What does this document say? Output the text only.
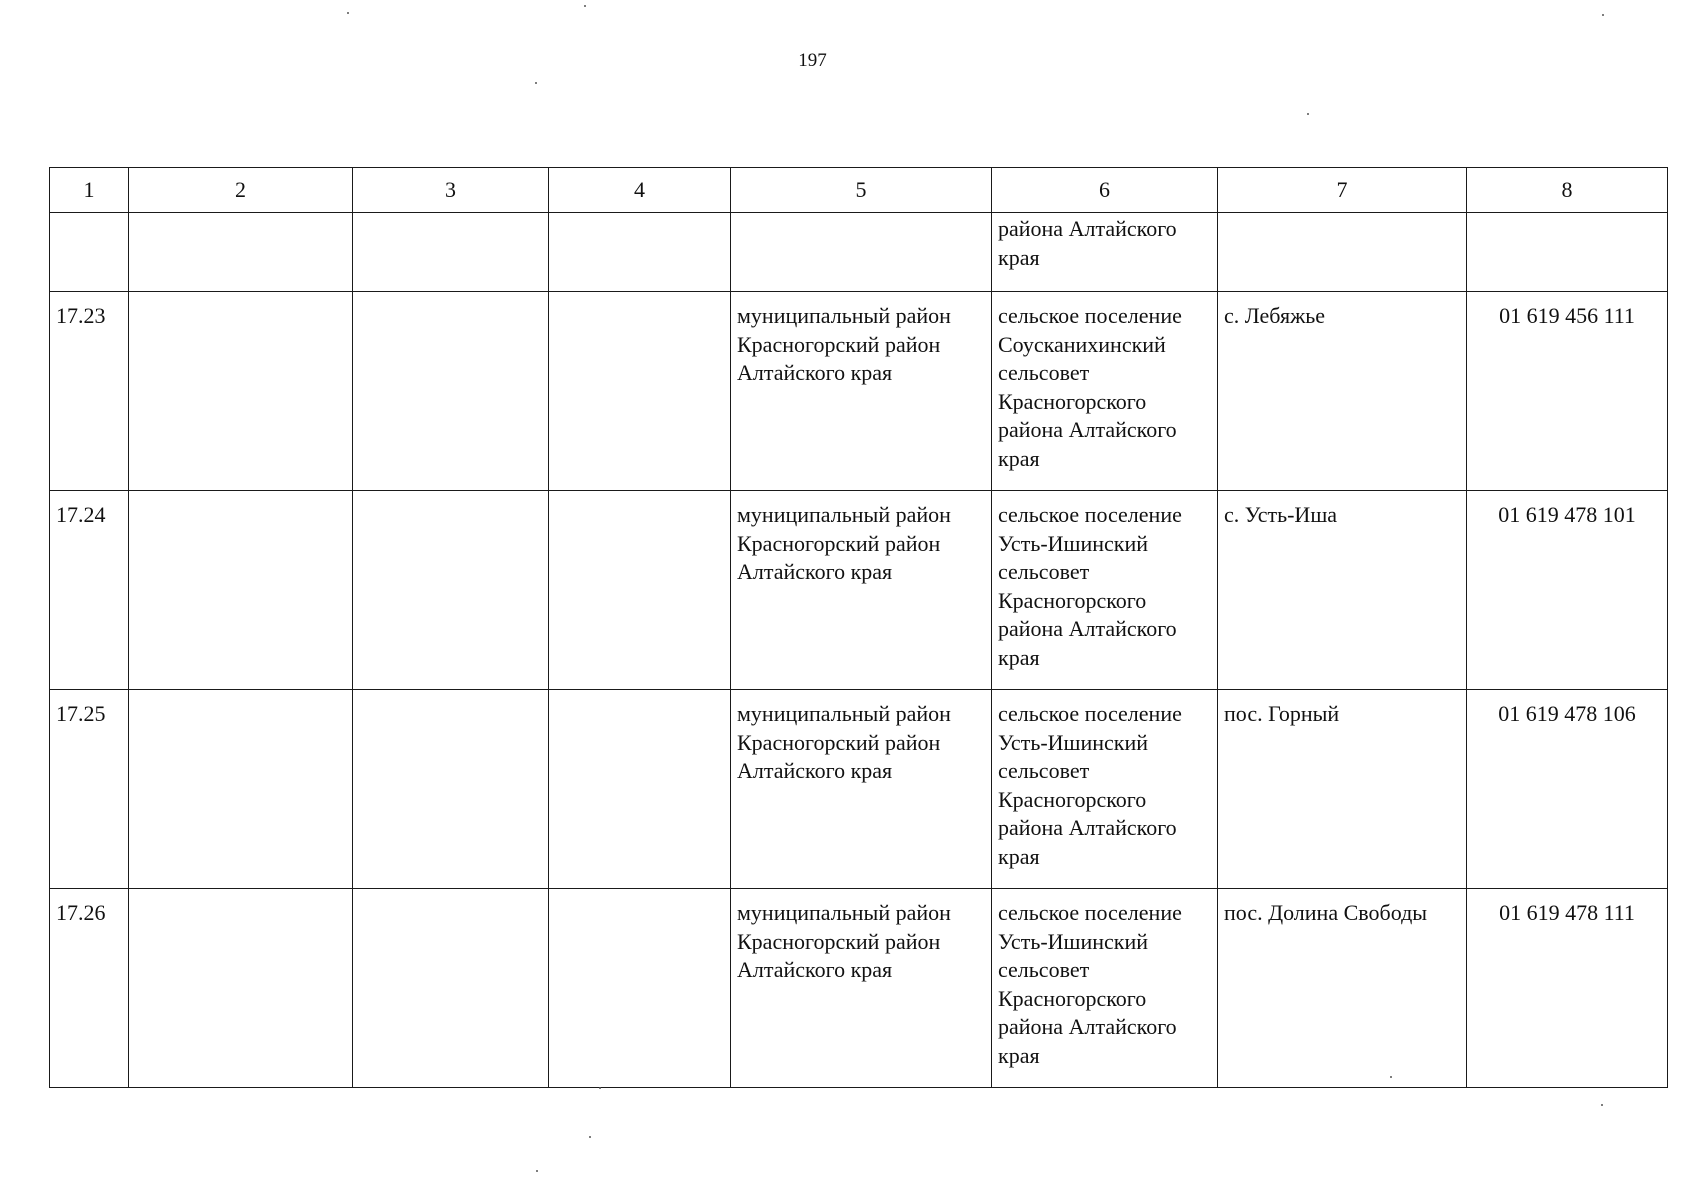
197
1	2	3	4	5	6	7	8
					района Алтайского края		
17.23				муниципальный район Красногорский район Алтайского края	сельское поселение Соусканихинский сельсовет Красногорского района Алтайского края	с. Лебяжье	01 619 456 111
17.24				муниципальный район Красногорский район Алтайского края	сельское поселение Усть-Ишинский сельсовет Красногорского района Алтайского края	с. Усть-Иша	01 619 478 101
17.25				муниципальный район Красногорский район Алтайского края	сельское поселение Усть-Ишинский сельсовет Красногорского района Алтайского края	пос. Горный	01 619 478 106
17.26				муниципальный район Красногорский район Алтайского края	сельское поселение Усть-Ишинский сельсовет Красногорского района Алтайского края	пос. Долина Свободы	01 619 478 111
